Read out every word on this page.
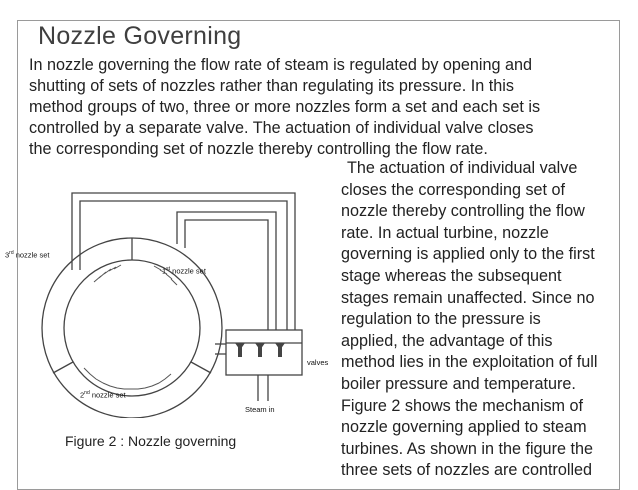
Nozzle Governing
In nozzle governing the flow rate of steam is regulated by opening and
shutting of sets of nozzles rather than regulating its pressure. In this
method groups of two, three or more nozzles form a set and each set is
controlled by a separate valve. The actuation of individual valve closes
the corresponding set of nozzle thereby controlling the flow rate.
The actuation of individual valve
closes the corresponding set of
nozzle thereby controlling the flow
rate. In actual turbine, nozzle
governing is applied only to the first
stage whereas the subsequent
stages remain unaffected. Since no
regulation to the pressure is
applied, the advantage of this
method lies in the exploitation of full
boiler pressure and temperature.
Figure 2 shows the mechanism of
nozzle governing applied to steam
turbines. As shown in the figure the
three sets of nozzles are controlled
3rd nozzle set
1st nozzle set
2nd nozzle set
valves
Steam in
Figure 2 : Nozzle governing
